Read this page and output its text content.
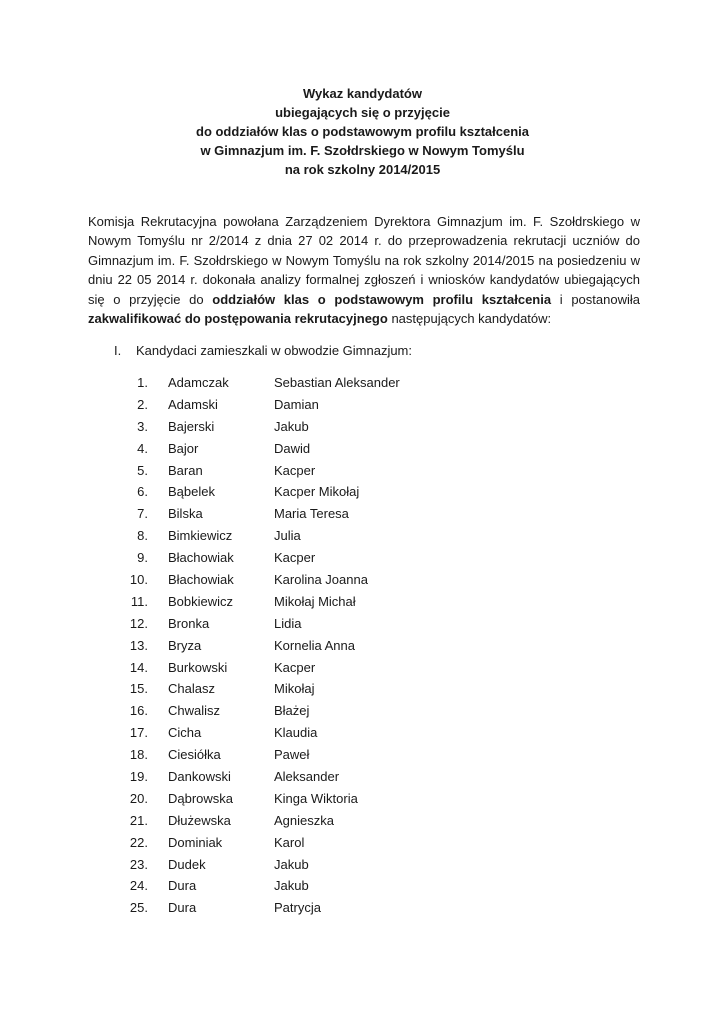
Wykaz kandydatów
ubiegających się o przyjęcie
do oddziałów klas o podstawowym profilu kształcenia
w Gimnazjum im. F. Szołdrskiego w Nowym Tomyślu
na rok szkolny 2014/2015

Komisja Rekrutacyjna powołana Zarządzeniem Dyrektora Gimnazjum im. F. Szołdrskiego w Nowym Tomyślu nr 2/2014 z dnia 27 02 2014 r. do przeprowadzenia rekrutacji uczniów do Gimnazjum im. F. Szołdrskiego w Nowym Tomyślu na rok szkolny 2014/2015 na posiedzeniu w dniu 22 05 2014 r. dokonała analizy formalnej zgłoszeń i wniosków kandydatów ubiegających się o przyjęcie do oddziałów klas o podstawowym profilu kształcenia i postanowiła zakwalifikować do postępowania rekrutacyjnego następujących kandydatów:

I. Kandydaci zamieszkali w obwodzie Gimnazjum:
1. Adamczak	Sebastian Aleksander
2. Adamski	Damian
3. Bajerski	Jakub
4. Bajor	Dawid
5. Baran	Kacper
6. Bąbelek	Kacper Mikołaj
7. Bilska	Maria Teresa
8. Bimkiewicz	Julia
9. Błachowiak	Kacper
10. Błachowiak	Karolina Joanna
11. Bobkiewicz	Mikołaj Michał
12. Bronka	Lidia
13. Bryza	Kornelia Anna
14. Burkowski	Kacper
15. Chalasz	Mikołaj
16. Chwalisz	Błażej
17. Cicha	Klaudia
18. Ciesiółka	Paweł
19. Dankowski	Aleksander
20. Dąbrowska	Kinga Wiktoria
21. Dłużewska	Agnieszka
22. Dominiak	Karol
23. Dudek	Jakub
24. Dura	Jakub
25. Dura	Patrycja
